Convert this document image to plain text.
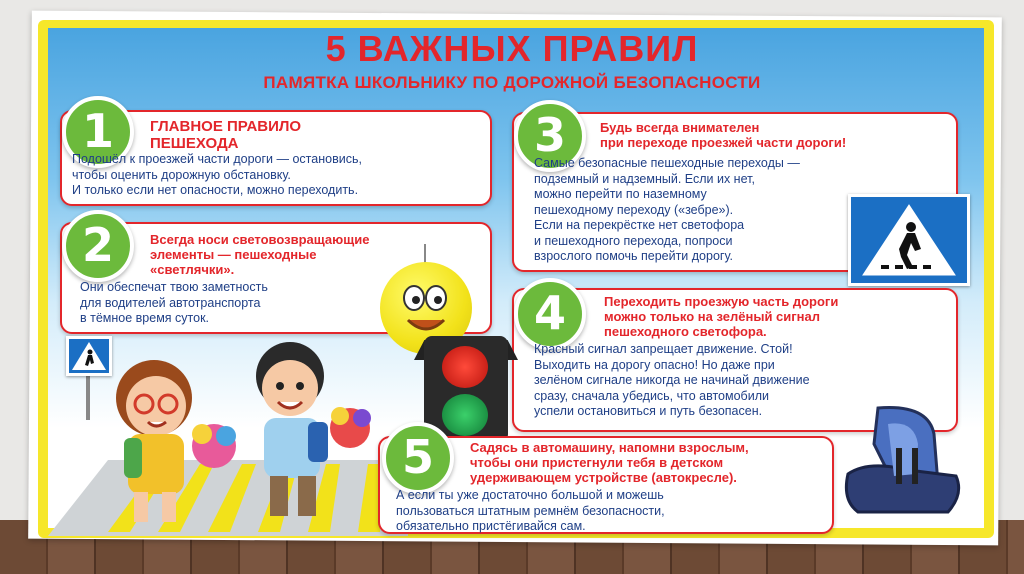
5 ВАЖНЫХ ПРАВИЛ
ПАМЯТКА ШКОЛЬНИКУ ПО ДОРОЖНОЙ БЕЗОПАСНОСТИ
1	ГЛАВНОЕ ПРАВИЛО
ПЕШЕХОДА
Подошёл к проезжей части дороги — остановись,
чтобы оценить дорожную обстановку.
И только если нет опасности, можно переходить.
2	Всегда носи световозвращающие
элементы — пешеходные
«светлячки».
Они обеспечат твою заметность
для водителей автотранспорта
в тёмное время суток.
3	Будь всегда внимателен
при переходе проезжей части дороги!
Самые безопасные пешеходные переходы —
подземный и надземный. Если их нет,
можно перейти по наземному
пешеходному переходу («зебре»).
Если на перекрёстке нет светофора
и пешеходного перехода, попроси
взрослого помочь перейти дорогу.
4	Переходить проезжую часть дороги
можно только на зелёный сигнал
пешеходного светофора.
Красный сигнал запрещает движение. Стой!
Выходить на дорогу опасно! Но даже при
зелёном сигнале никогда не начинай движение
сразу, сначала убедись, что автомобили
успели остановиться и путь безопасен.
5	Садясь в автомашину, напомни взрослым,
чтобы они пристегнули тебя в детском
удерживающем устройстве (автокресле).
А если ты уже достаточно большой и можешь
пользоваться штатным ремнём безопасности,
обязательно пристёгивайся сам.
